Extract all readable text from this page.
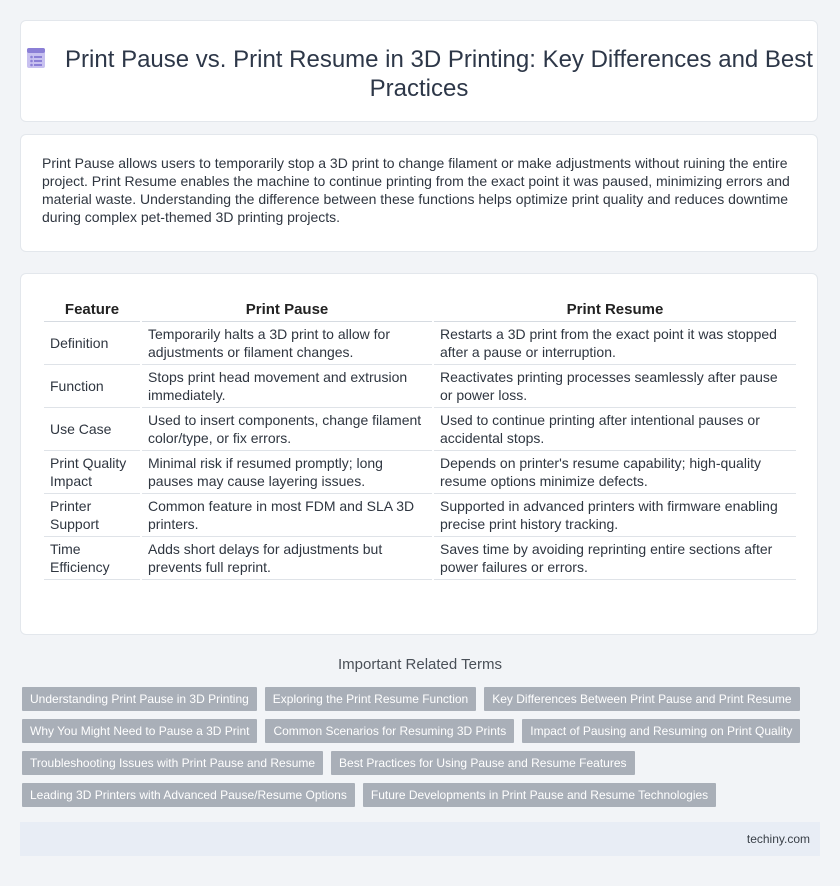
Print Pause vs. Print Resume in 3D Printing: Key Differences and Best Practices
Print Pause allows users to temporarily stop a 3D print to change filament or make adjustments without ruining the entire project. Print Resume enables the machine to continue printing from the exact point it was paused, minimizing errors and material waste. Understanding the difference between these functions helps optimize print quality and reduces downtime during complex pet-themed 3D printing projects.
Feature	Print Pause	Print Resume
Definition	Temporarily halts a 3D print to allow for adjustments or filament changes.	Restarts a 3D print from the exact point it was stopped after a pause or interruption.
Function	Stops print head movement and extrusion immediately.	Reactivates printing processes seamlessly after pause or power loss.
Use Case	Used to insert components, change filament color/type, or fix errors.	Used to continue printing after intentional pauses or accidental stops.
Print Quality Impact	Minimal risk if resumed promptly; long pauses may cause layering issues.	Depends on printer's resume capability; high-quality resume options minimize defects.
Printer Support	Common feature in most FDM and SLA 3D printers.	Supported in advanced printers with firmware enabling precise print history tracking.
Time Efficiency	Adds short delays for adjustments but prevents full reprint.	Saves time by avoiding reprinting entire sections after power failures or errors.
Important Related Terms
Understanding Print Pause in 3D Printing	Exploring the Print Resume Function	Key Differences Between Print Pause and Print Resume
Why You Might Need to Pause a 3D Print	Common Scenarios for Resuming 3D Prints	Impact of Pausing and Resuming on Print Quality
Troubleshooting Issues with Print Pause and Resume	Best Practices for Using Pause and Resume Features
Leading 3D Printers with Advanced Pause/Resume Options	Future Developments in Print Pause and Resume Technologies
techiny.com
